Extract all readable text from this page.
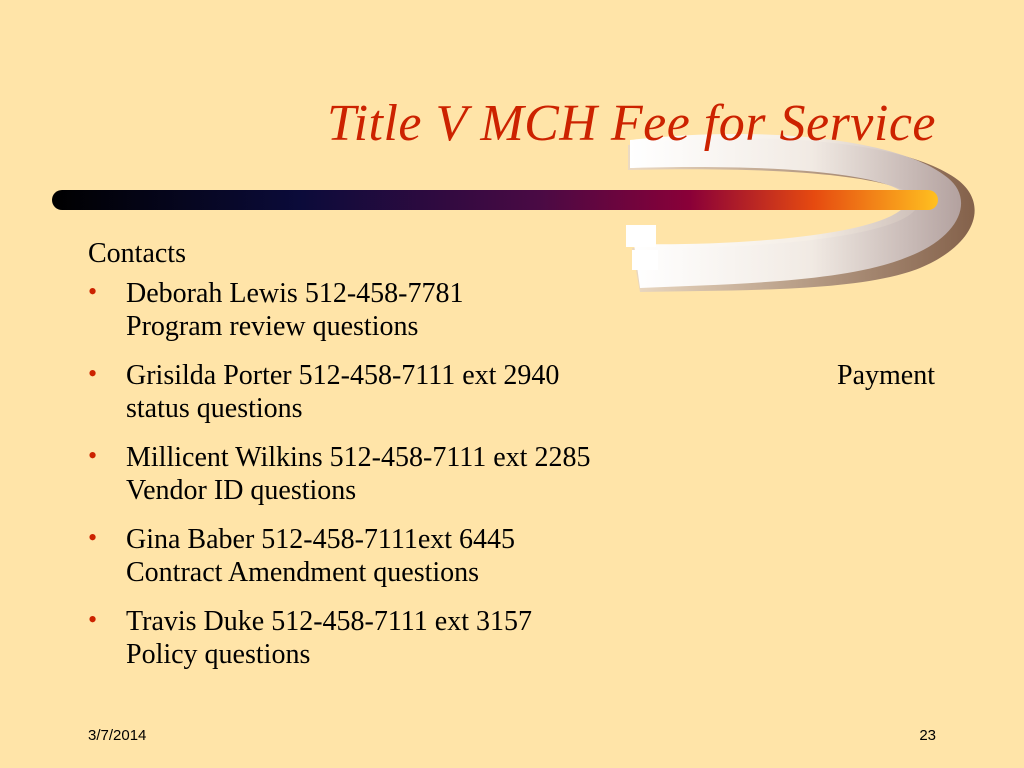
Title V MCH Fee for Service
Contacts
• Deborah Lewis 512-458-7781
Program review questions
• Grisilda Porter 512-458-7111 ext 2940	Payment
status questions
• Millicent Wilkins 512-458-7111 ext 2285
Vendor ID questions
• Gina Baber 512-458-7111ext 6445
Contract Amendment questions
• Travis Duke 512-458-7111 ext 3157
Policy questions
3/7/2014	23
